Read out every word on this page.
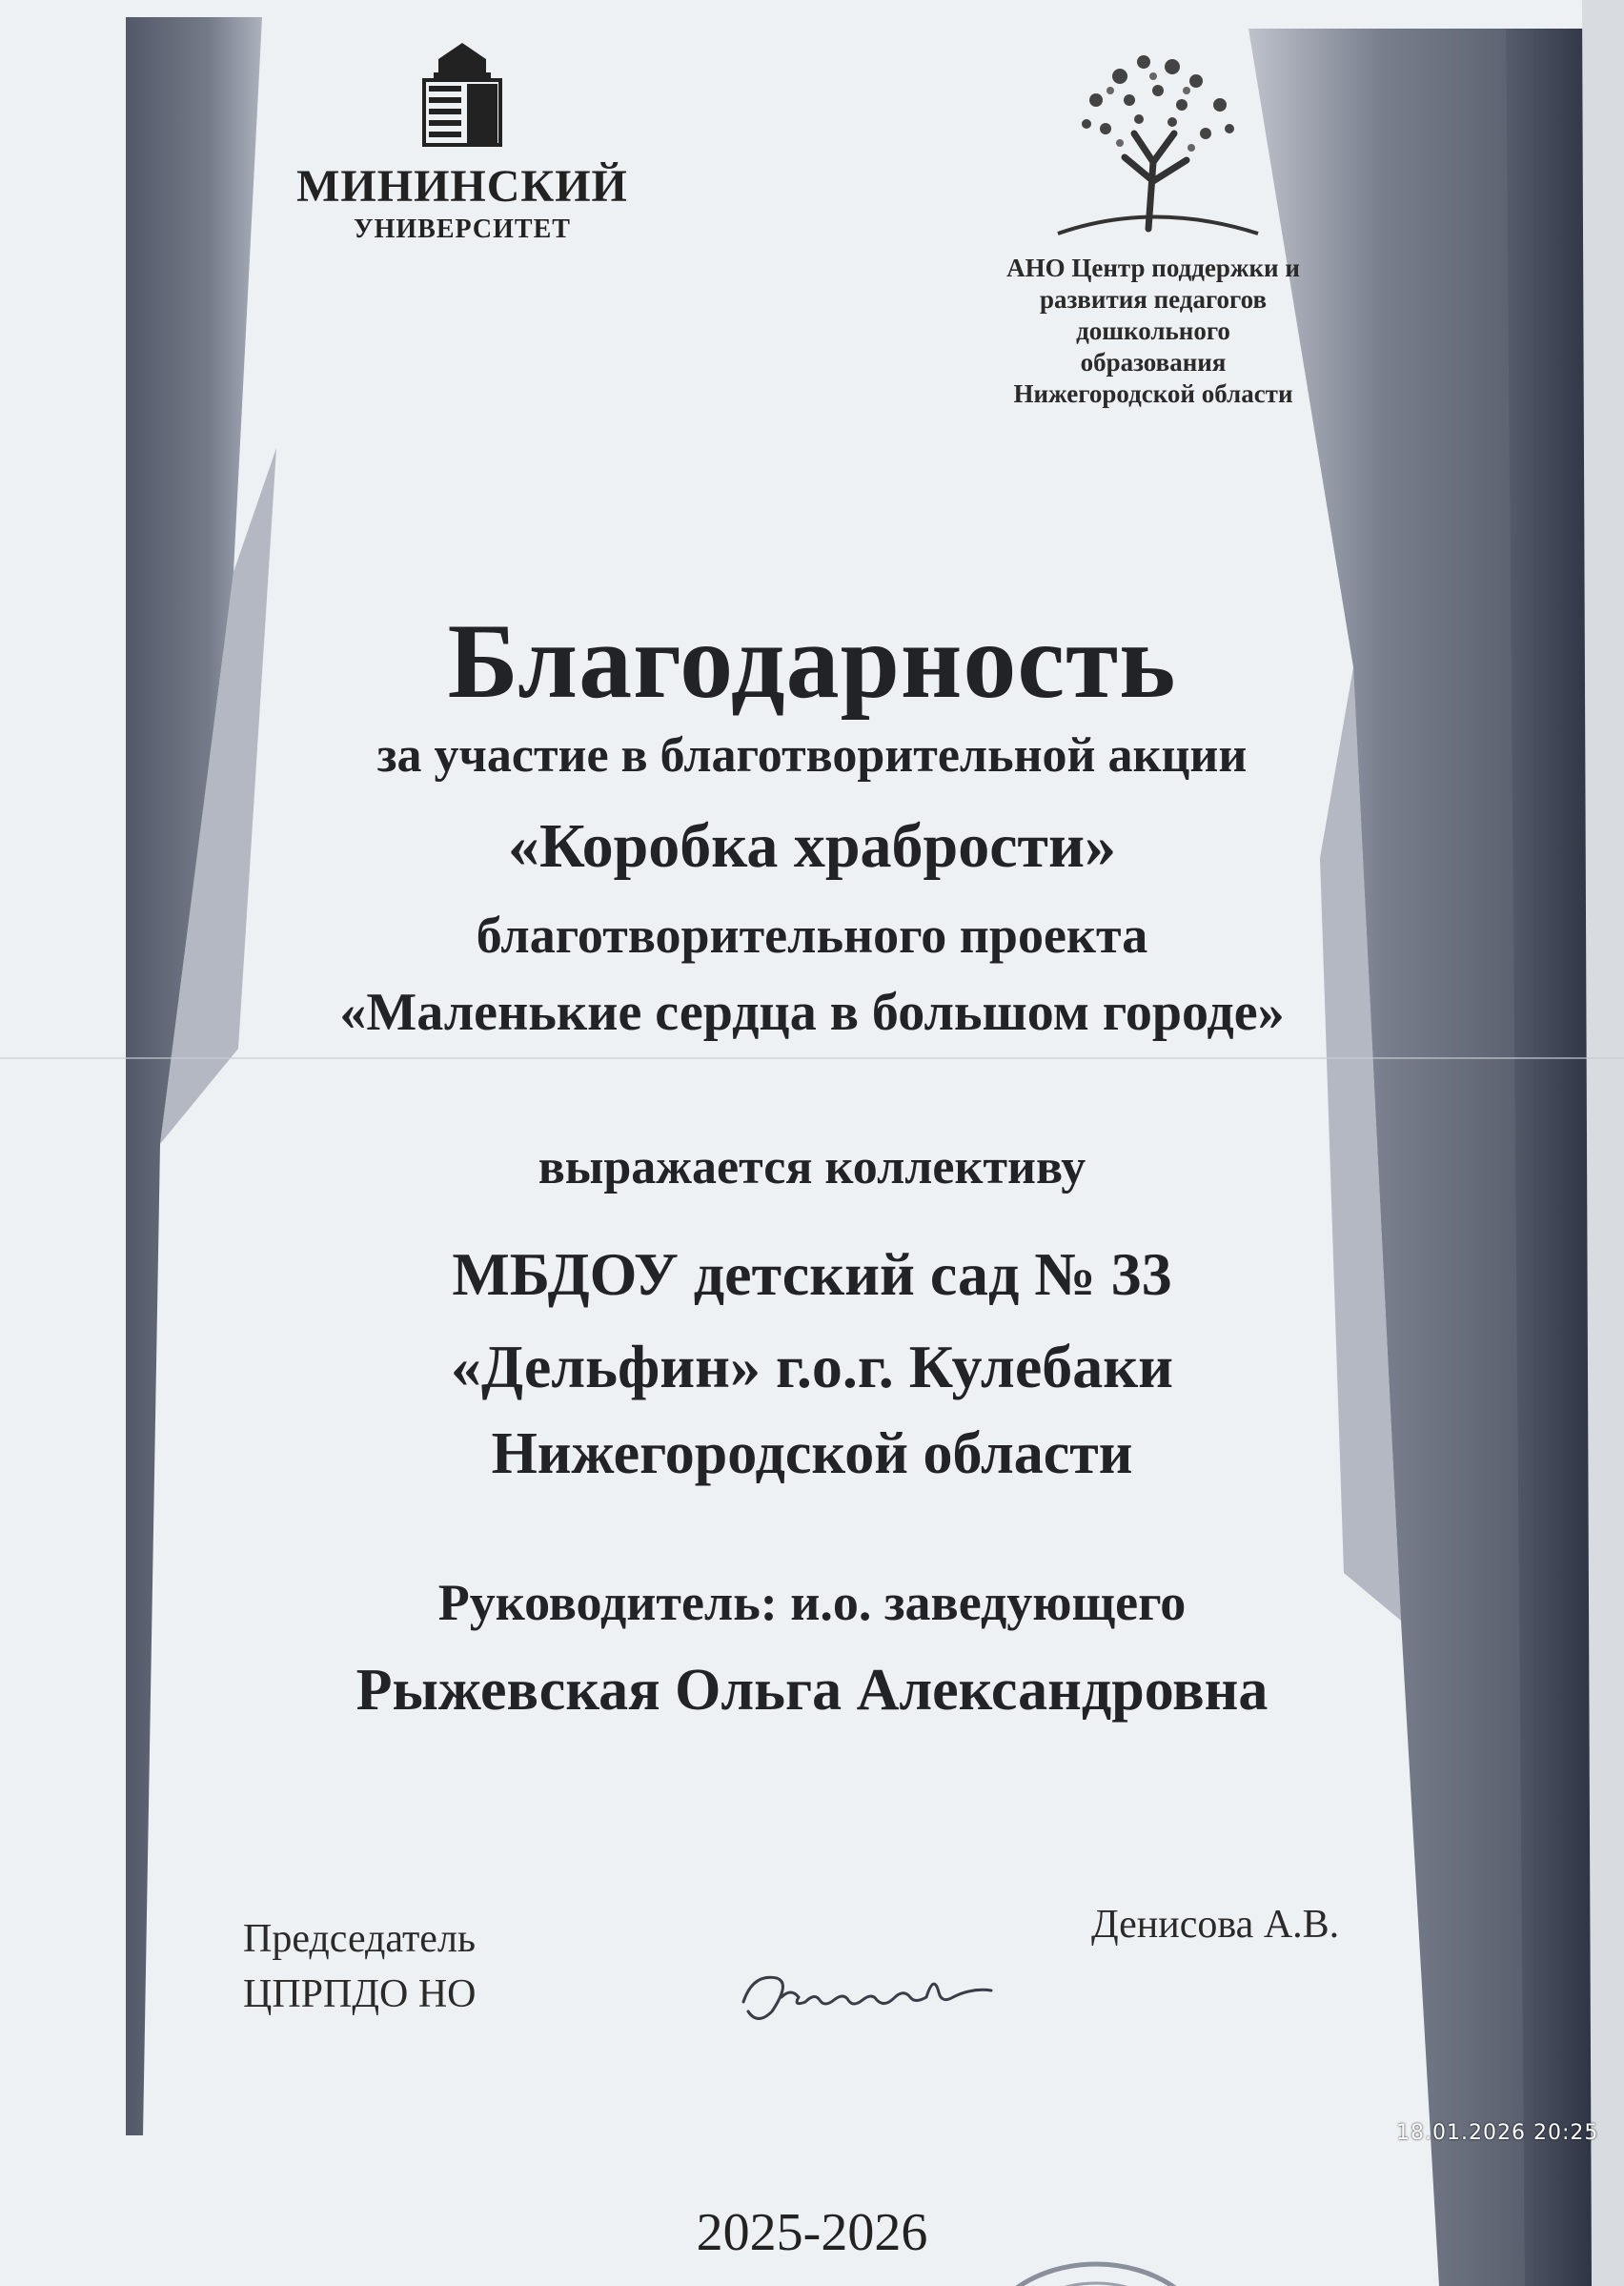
МИНИНСКИЙ
УНИВЕРСИТЕТ
АНО Центр поддержки и
развития педагогов
дошкольного
образования
Нижегородской области
Благодарность
за участие в благотворительной акции
«Коробка храбрости»
благотворительного проекта
«Маленькие сердца в большом городе»
выражается коллективу
МБДОУ детский сад № 33
«Дельфин» г.о.г. Кулебаки
Нижегородской области
Руководитель: и.о. заведующего
Рыжевская Ольга Александровна
Председатель
ЦПРПДО НО
Денисова А.В.
2025-2026
18.01.2026 20:25
